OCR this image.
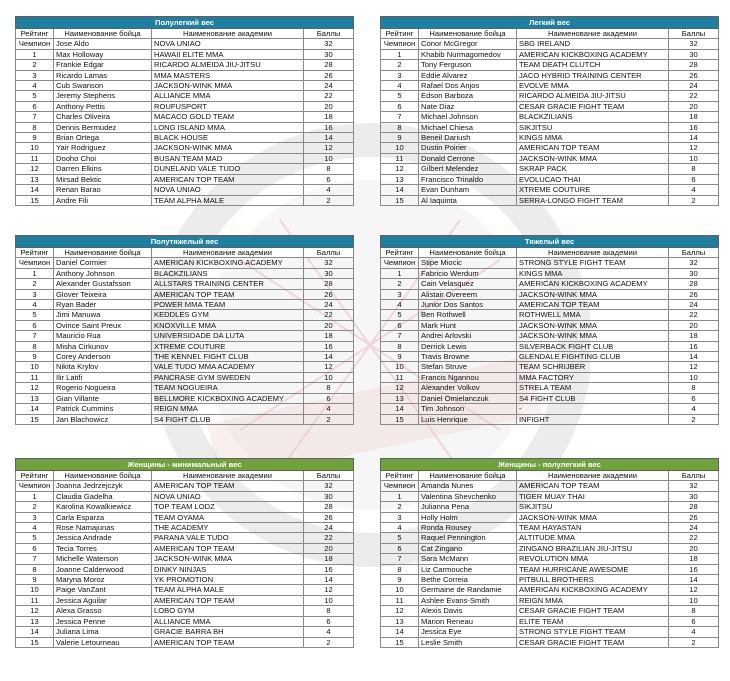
Полулегкий вес			
Рейтинг	Наименование бойца	Наименование академии	Баллы
Чемпион	Jose Aldo	NOVA UNIAO	32
1	Max Holloway	HAWAII ELITE MMA	30
2	Frankie Edgar	RICARDO ALMEIDA JIU-JITSU	28
3	Ricardo Lamas	MMA MASTERS	26
4	Cub Swanson	JACKSON-WINK MMA	24
5	Jeremy Stephens	ALLIANCE MMA	22
6	Anthony Pettis	ROUFUSPORT	20
7	Charles Oliveira	MACACO GOLD TEAM	18
8	Dennis Bermudez	LONG ISLAND MMA	16
9	Brian Ortega	BLACK HOUSE	14
10	Yair Rodriguez	JACKSON-WINK MMA	12
11	Doohо Choi	BUSAN TEAM MAD	10
12	Darren Elkins	DUNELAND VALE TUDO	8
13	Mirsad Bektic	AMERICAN TOP TEAM	6
14	Renan Barao	NOVA UNIAO	4
15	Andre Fili	TEAM ALPHA MALE	2
Легкий вес			
Рейтинг	Наименование бойца	Наименование академии	Баллы
Чемпион	Conor McGregor	SBG IRELAND	32
1	Khabib Nurmagomedov	AMERICAN KICKBOXING ACADEMY	30
2	Tony Ferguson	TEAM DEATH CLUTCH	28
3	Eddie Alvarez	JACO HYBRID TRAINING CENTER	26
4	Rafael Dos Anjos	EVOLVE MMA	24
5	Edson Barboza	RICARDO ALMEIDA JIU-JITSU	22
6	Nate Diaz	CESAR GRACIE FIGHT TEAM	20
7	Michael Johnson	BLACKZILIANS	18
8	Michael Chiesa	SIKJITSU	16
9	Beneil Dariush	KINGS MMA	14
10	Dustin Poirier	AMERICAN TOP TEAM	12
11	Donald Cerrone	JACKSON-WINK MMA	10
12	Gilbert Melendez	SKRAP PACK	8
13	Francisco Trinaldo	EVOLUCAO THAI	6
14	Evan Dunham	XTREME COUTURE	4
15	Al Iaquinta	SERRA-LONGO FIGHT TEAM	2
Полутяжелый вес			
Рейтинг	Наименование бойца	Наименование академии	Баллы
Чемпион	Daniel Cormier	AMERICAN KICKBOXING ACADEMY	32
1	Anthony Johnson	BLACKZILIANS	30
2	Alexander Gustafsson	ALLSTARS TRAINING CENTER	28
3	Glover Teixeira	AMERICAN TOP TEAM	26
4	Ryan Bader	POWER MMA TEAM	24
5	Jimi Manuwa	KEDDLES GYM	22
6	Ovince Saint Preux	KNOXVILLE MMA	20
7	Mauricio Rua	UNIVERSIDADE DA LUTA	18
8	Misha Cirkunov	XTREME COUTURE	16
9	Corey Anderson	THE KENNEL FIGHT CLUB	14
10	Nikita Krylov	VALE TUDO MMA ACADEMY	12
11	Ilir Latifi	PANCRASE GYM SWEDEN	10
12	Rogerio Nogueira	TEAM NOGUEIRA	8
13	Gian Villante	BELLMORE KICKBOXING ACADEMY	6
14	Patrick Cummins	REIGN MMA	4
15	Jan Blachowicz	S4 FIGHT CLUB	2
Тяжелый вес			
Рейтинг	Наименование бойца	Наименование академии	Баллы
Чемпион	Stipe Miocic	STRONG STYLE FIGHT TEAM	32
1	Fabricio Werdum	KINGS MMA	30
2	Cain Velasquez	AMERICAN KICKBOXING ACADEMY	28
3	Alistair Overeem	JACKSON-WINK MMA	26
4	Junior Dos Santos	AMERICAN TOP TEAM	24
5	Ben Rothwell	ROTHWELL MMA	22
6	Mark Hunt	JACKSON-WINK MMA	20
7	Andrei Arlovski	JACKSON-WINK MMA	18
8	Derrick Lewis	SILVERBACK FIGHT CLUB	16
9	Travis Browne	GLENDALE FIGHTING CLUB	14
10	Stefan Struve	TEAM SCHRIJBER	12
11	Francis Ngannou	MMA FACTORY	10
12	Alexander Volkov	STRELA TEAM	8
13	Daniel Omielanczuk	S4 FIGHT CLUB	6
14	Tim Johnson	-	4
15	Luis Henrique	INFIGHT	2
Женщины - минимальный вес			
Рейтинг	Наименование бойца	Наименование академии	Баллы
Чемпион	Joanna Jedrzejczyk	AMERICAN TOP TEAM	32
1	Claudia Gadelha	NOVA UNIAO	30
2	Karolina Kowalkiewicz	TOP TEAM LODZ	28
3	Carla Esparza	TEAM OYAMA	26
4	Rose Namajunas	THE ACADEMY	24
5	Jessica Andrade	PARANA VALE TUDO	22
6	Tecia Torres	AMERICAN TOP TEAM	20
7	Michelle Waterson	JACKSON-WINK MMA	18
8	Joanne Calderwood	DINKY NINJAS	16
9	Maryna Moroz	YK PROMOTION	14
10	Paige VanZant	TEAM ALPHA MALE	12
11	Jessica Aguilar	AMERICAN TOP TEAM	10
12	Alexa Grasso	LOBO GYM	8
13	Jessica Penne	ALLIANCE MMA	6
14	Juliana Lima	GRACIE BARRA BH	4
15	Valerie Letourneau	AMERICAN TOP TEAM	2
Женщины - полулегкий вес			
Рейтинг	Наименование бойца	Наименование академии	Баллы
Чемпион	Amanda Nunes	AMERICAN TOP TEAM	32
1	Valentina Shevchenko	TIGER MUAY THAI	30
2	Julianna Pena	SIKJITSU	28
3	Holly Holm	JACKSON-WINK MMA	26
4	Ronda Rousey	TEAM HAYASTAN	24
5	Raquel Pennington	ALTITUDE MMA	22
6	Cat Zingano	ZINGANO BRAZILIAN JIU-JITSU	20
7	Sara McMann	REVOLUTION MMA	18
8	Liz Carmouche	TEAM HURRICANE AWESOME	16
9	Bethe Correia	PITBULL BROTHERS	14
10	Germaine de Randamie	AMERICAN KICKBOXING ACADEMY	12
11	Ashlee Evans-Smith	REIGN MMA	10
12	Alexis Davis	CESAR GRACIE FIGHT TEAM	8
13	Marion Reneau	ELITE TEAM	6
14	Jessica Eye	STRONG STYLE FIGHT TEAM	4
15	Leslie Smith	CESAR GRACIE FIGHT TEAM	2
